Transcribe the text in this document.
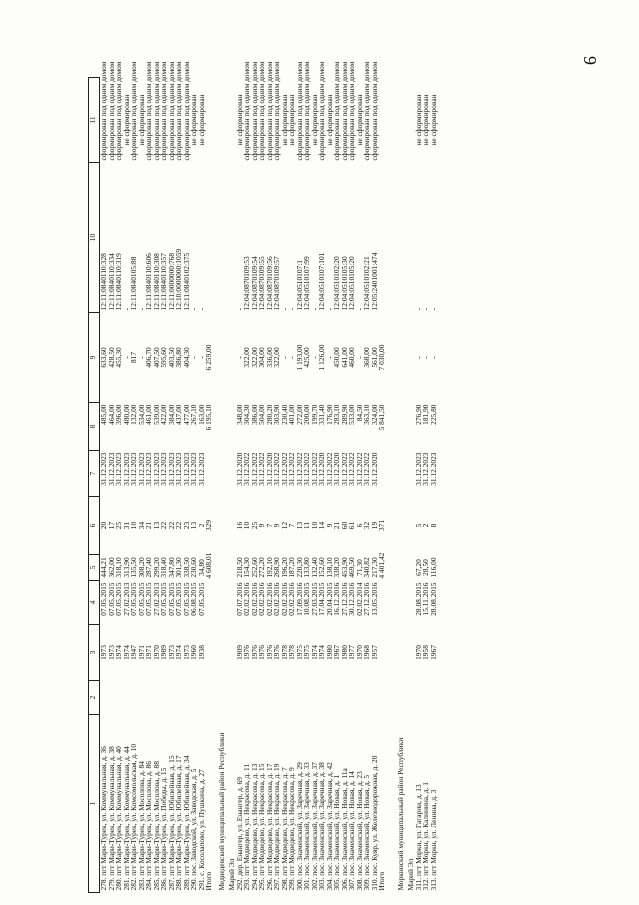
9
1	2	3	4	5	6	7	8	9	10	11
278. пгт Мари-Турек, ул. Коммунальная, д. 36		1973	07.05.2015	444,21	20	31.12.2023	485,00	633,60	12:11:0840110:328	сформирован под одним домом
279. пгт Мари-Турек, ул. Коммунальная, д. 38		1973	07.05.2015	362,00	17	31.12.2023	464,00	428,50	12:11:0840110:334	сформирован под одним домом
280. пгт Мари-Турек, ул. Коммунальная, д. 40		1974	07.05.2015	318,10	25	31.12.2023	396,00	455,30	12:11:0840110:319	сформирован под одним домом
281. пгт Мари-Турек, ул. Коммунальная, д. 44		1974	27.02.2013	313,90	31	31.12.2023	480,00	-	-	не сформирован
282. пгт Мари-Турек, ул. Комсомольская, д. 10		1947	07.05.2015	135,50	10	31.12.2023	132,00	817	12:11:0840105:88	сформирован под одним домом
283. пгт Мари-Турек, ул. Мосолова, д. 84		1971	07.05.2015	308,20	34	31.12.2023	534,00	-	-	не сформирован
284. пгт Мари-Турек, ул. Мосолова, д. 86		1971	07.05.2015	287,40	21	31.12.2023	461,00	406,70	12:11:0840110:606	сформирован под одним домом
285. пгт Мари-Турек, ул. Мосолова, д. 88		1970	27.02.2013	299,20	13	31.12.2023	539,00	407,50	12:11:0840110:308	сформирован под одним домом
286. пгт Мари-Турек, ул. Победы, д. 15		1989	07.05.2015	318,40	22	31.12.2023	422,00	595,60	12:11:0840110:357	сформирован под одним домом
287. пгт Мари-Турек, ул. Юбилейная, д. 15		1973	07.05.2015	347,80	22	31.12.2023	384,00	403,50	12:11:0000000:768	сформирован под одним домом
288. пгт Мари-Турек, ул. Юбилейная, д. 17		1974	07.05.2015	301,30	22	31.12.2023	437,00	386,80	12:10:0000000:1059	сформирован под одним домом
289. пгт Мари-Турек, ул. Юбилейная, д. 34		1973	07.05.2015	338,50	23	31.12.2023	477,00	404,30	12:11:0840102:375	сформирован под одним домом
290. пос. Заводской, ул. Заводская, д. 5		1960	06.08.2015	230,60	13	31.12.2023	267,10	-	-	не сформирован
291. с. Косолапово, ул. Пушкина, д. 27		1938	07.05.2015	34,80	2	31.12.2023	163,00	-	-	не сформирован
Итого				4 608,01	329		6 195,10	6 259,00		
Медведевский муниципальный район Республики										
Марий Эл										
292. дер. Енангер, ул. Енангер, д. 69		1909	07.07.2016	218,50	16	31.12.2020	348,00	-	-	не сформирован
293. пгт Медведево, ул. Некрасова, д. 11		1976	02.02.2016	154,30	10	31.12.2022	304,30	322,00	12:04:0870109:53	сформирован под одним домом
294. пгт Медведево, ул. Некрасова, д. 13		1976	02.02.2016	252,60	25	31.12.2022	386,00	322,00	12:04:0870109:54	сформирован под одним домом
295. пгт Медведево, ул. Некрасова, д. 15		1976	02.02.2016	272,20	9	31.12.2022	504,00	304,00	12:04:0870109:55	сформирован под одним домом
296. пгт Медведево, ул. Некрасова, д. 17		1976	02.02.2016	192,10	7	31.12.2020	280,20	336,00	12:04:0870109:56	сформирован под одним домом
297. пгт Медведево, ул. Некрасова, д. 19		1976	02.02.2016	268,90	9	31.12.2022	303,90	322,00	12:04:0870109:57	сформирован под одним домом
298. пгт Медведево, ул. Некрасова, д. 7		1978	02.02.2016	196,20	12	31.12.2022	230,40	-	-	не сформирован
299. пгт Медведево, ул. Некрасова, д. 9		1978	02.02.2016	187,20	7	31.12.2022	401,00	-	-	не сформирован
300. пос. Знаменский, ул. Заречная, д. 29		1975	17.09.2016	220,30	13	31.12.2022	272,00	1 193,00	12:04:0510107:1	сформирован под одним домом
301. пос. Знаменский, ул. Заречная, д. 33		1975	10.08.2015	133,80	11	31.12.2022	200,00	425,00	12:04:0510107:99	сформирован под одним домом
302. пос. Знаменский, ул. Заречная, д. 37		1974	27.03.2015	132,40	10	31.12.2022	199,70	-	-	не сформирован
303. пос. Знаменский, ул. Заречная, д. 38		1974	17.04.2015	152,60	14	31.12.2020	331,40	1 126,00	12:04:0510107:101	сформирован под одним домом
304. пос. Знаменский, ул. Заречная, д. 42		1980	20.04.2015	138,10	9	31.12.2022	176,90	-	-	не сформирован
305. пос. Знаменский, ул. Новая, д. 1		1967	16.12.2016	338,20	21	31.12.2020	283,10	450,00	12:04:0510102:20	сформирован под одним домом
306. пос. Знаменский, ул. Новая, д. 11а		1980	27.12.2016	453,90	60	31.12.2022	289,90	641,00	12:04:0510105:30	сформирован под одним домом
307. пос. Знаменский, ул. Новая, д. 14		1977	30.12.2016	469,50	61	31.12.2022	533,00	460,00	12:04:0510105:20	сформирован под одним домом
308. пос. Знаменский, ул. Новая, д. 23		1970	02.02.2014	71,30	6	31.12.2022	84,50	-	-	не сформирован
309. пос. Знаменский, ул. Новая, д. 5		1968	27.12.2016	340,82	32	31.12.2022	363,10	368,00	12:04:0510102:21	сформирован под одним домом
310. пос. Куяр, ул. Железнодорожная, д. 20		1957	13.05.2016	217,30	19	31.12.2020	324,00	561,00	12:05:2401001:474	сформирован под одним домом

Итого				4 401,42	371		5 841,50	7 030,00		

Моркинский муниципальный район Республики										
Марий Эл										
311. пгт Морки, ул. Гагарин, д. 13		1970	28.08.2015	67,20	5	31.12.2023	276,90	-	-	не сформирован
312. пгт Морки, ул. Калинина, д. 1		1958	15.11.2016	28,50	2	31.12.2023	181,90	-	-	не сформирован
313. пгт Морки, ул. Ленина, д. 3		1967	28.08.2015	116,00	8	31.12.2023	225,80	-	-	не сформирован
